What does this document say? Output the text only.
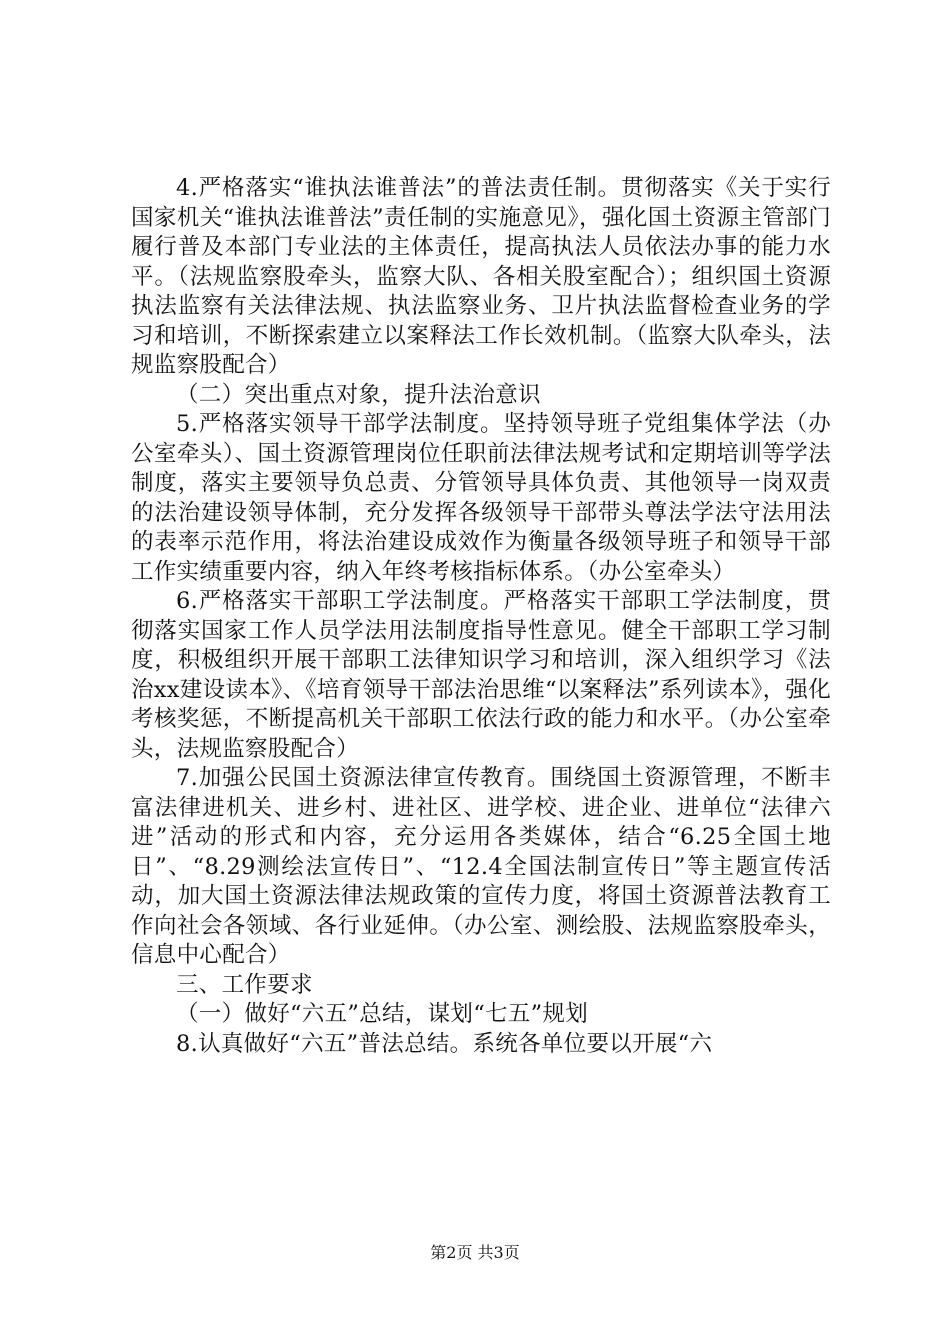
4.严格落实“谁执法谁普法”的普法责任制。贯彻落实《关于实行国家机关“谁执法谁普法”责任制的实施意见》，强化国土资源主管部门履行普及本部门专业法的主体责任，提高执法人员依法办事的能力水平。（法规监察股牵头，监察大队、各相关股室配合）；组织国土资源执法监察有关法律法规、执法监察业务、卫片执法监督检查业务的学习和培训，不断探索建立以案释法工作长效机制。（监察大队牵头，法规监察股配合）

（二）突出重点对象，提升法治意识

5.严格落实领导干部学法制度。坚持领导班子党组集体学法（办公室牵头）、国土资源管理岗位任职前法律法规考试和定期培训等学法制度，落实主要领导负总责、分管领导具体负责、其他领导一岗双责的法治建设领导体制，充分发挥各级领导干部带头尊法学法守法用法的表率示范作用，将法治建设成效作为衡量各级领导班子和领导干部工作实绩重要内容，纳入年终考核指标体系。（办公室牵头）

6.严格落实干部职工学法制度。严格落实干部职工学法制度，贯彻落实国家工作人员学法用法制度指导性意见。健全干部职工学习制度，积极组织开展干部职工法律知识学习和培训，深入组织学习《法治xx建设读本》、《培育领导干部法治思维“以案释法”系列读本》，强化考核奖惩，不断提高机关干部职工依法行政的能力和水平。（办公室牵头，法规监察股配合）

7.加强公民国土资源法律宣传教育。围绕国土资源管理，不断丰富法律进机关、进乡村、进社区、进学校、进企业、进单位“法律六进”活动的形式和内容，充分运用各类媒体，结合“6.25全国土地日”、“8.29测绘法宣传日”、“12.4全国法制宣传日”等主题宣传活动，加大国土资源法律法规政策的宣传力度，将国土资源普法教育工作向社会各领域、各行业延伸。（办公室、测绘股、法规监察股牵头，信息中心配合）

三、工作要求

（一）做好“六五”总结，谋划“七五”规划

8.认真做好“六五”普法总结。系统各单位要以开展“六

第2页 共3页
